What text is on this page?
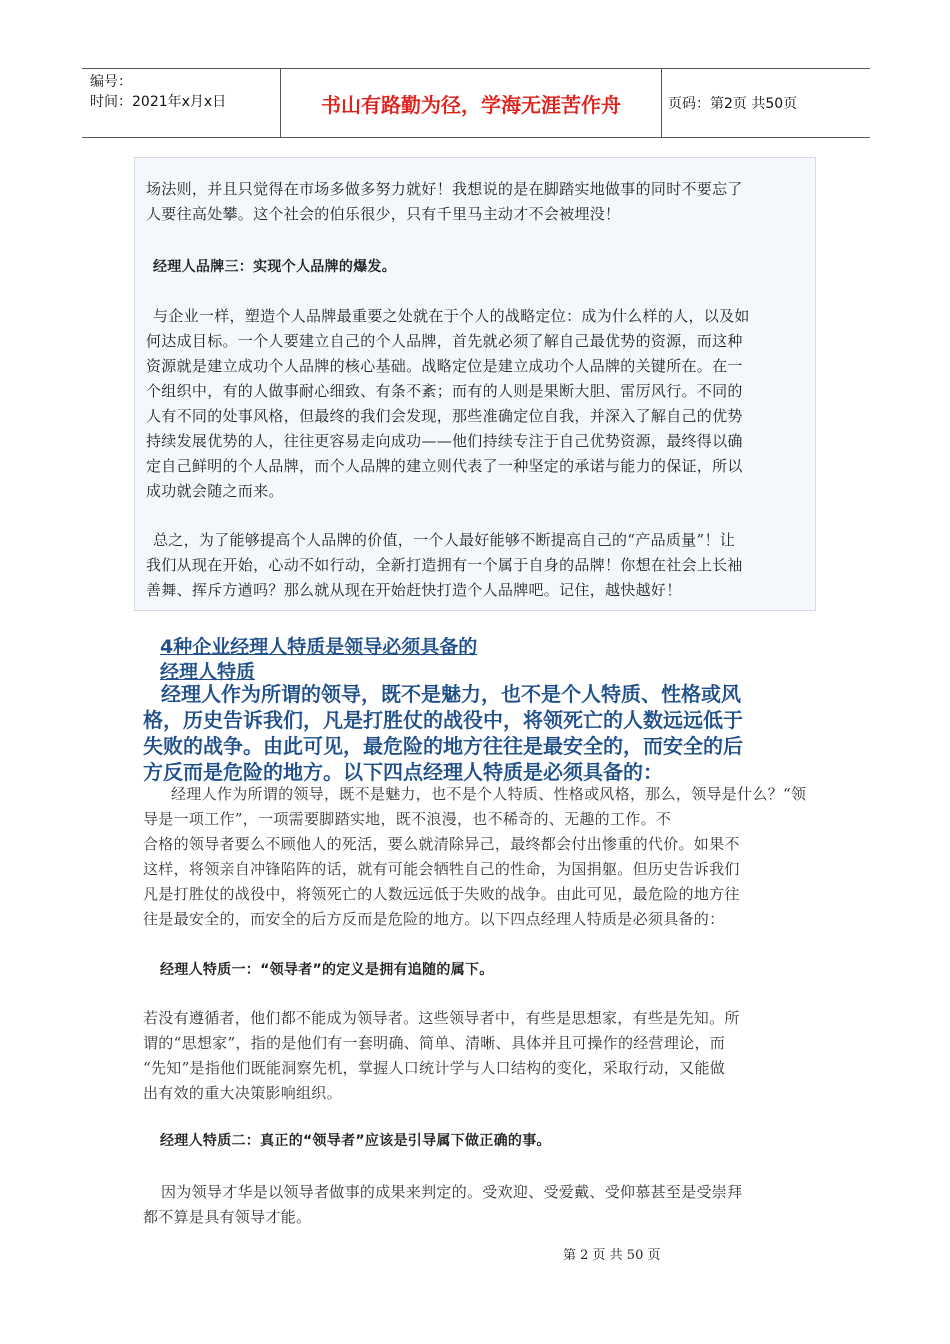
编号：
时间：2021年x月x日	书山有路勤为径，学海无涯苦作舟	页码：第2页 共50页
场法则，并且只觉得在市场多做多努力就好！我想说的是在脚踏实地做事的同时不要忘了
人要往高处攀。这个社会的伯乐很少，只有千里马主动才不会被埋没！
经理人品牌三：实现个人品牌的爆发。
与企业一样，塑造个人品牌最重要之处就在于个人的战略定位：成为什么样的人，以及如
何达成目标。一个人要建立自己的个人品牌，首先就必须了解自己最优势的资源，而这种
资源就是建立成功个人品牌的核心基础。战略定位是建立成功个人品牌的关键所在。在一
个组织中，有的人做事耐心细致、有条不紊；而有的人则是果断大胆、雷厉风行。不同的
人有不同的处事风格，但最终的我们会发现，那些准确定位自我，并深入了解自己的优势
持续发展优势的人，往往更容易走向成功——他们持续专注于自己优势资源，最终得以确
定自己鲜明的个人品牌，而个人品牌的建立则代表了一种坚定的承诺与能力的保证，所以
成功就会随之而来。
总之，为了能够提高个人品牌的价值，一个人最好能够不断提高自己的“产品质量”！让
我们从现在开始，心动不如行动，全新打造拥有一个属于自身的品牌！你想在社会上长袖
善舞、挥斥方遒吗？那么就从现在开始赶快打造个人品牌吧。记住，越快越好！
4种企业经理人特质是领导必须具备的
经理人特质
经理人作为所谓的领导，既不是魅力，也不是个人特质、性格或风
格，历史告诉我们，凡是打胜仗的战役中，将领死亡的人数远远低于
失败的战争。由此可见，最危险的地方往往是最安全的，而安全的后
方反而是危险的地方。以下四点经理人特质是必须具备的：
经理人作为所谓的领导，既不是魅力，也不是个人特质、性格或风格，那么，领导是什么？“领导是一项工作”，一项需要脚踏实地，既不浪漫，也不稀奇的、无趣的工作。不
合格的领导者要么不顾他人的死活，要么就清除异己，最终都会付出惨重的代价。如果不
这样，将领亲自冲锋陷阵的话，就有可能会牺牲自己的性命，为国捐躯。但历史告诉我们
凡是打胜仗的战役中，将领死亡的人数远远低于失败的战争。由此可见，最危险的地方往
往是最安全的，而安全的后方反而是危险的地方。以下四点经理人特质是必须具备的：
经理人特质一：“领导者”的定义是拥有追随的属下。
若没有遵循者，他们都不能成为领导者。这些领导者中，有些是思想家，有些是先知。所
谓的“思想家”，指的是他们有一套明确、简单、清晰、具体并且可操作的经营理论，而
“先知”是指他们既能洞察先机，掌握人口统计学与人口结构的变化，采取行动，又能做
出有效的重大决策影响组织。
经理人特质二：真正的“领导者”应该是引导属下做正确的事。
因为领导才华是以领导者做事的成果来判定的。受欢迎、受爱戴、受仰慕甚至是受崇拜
都不算是具有领导才能。
第 2 页 共 50 页
